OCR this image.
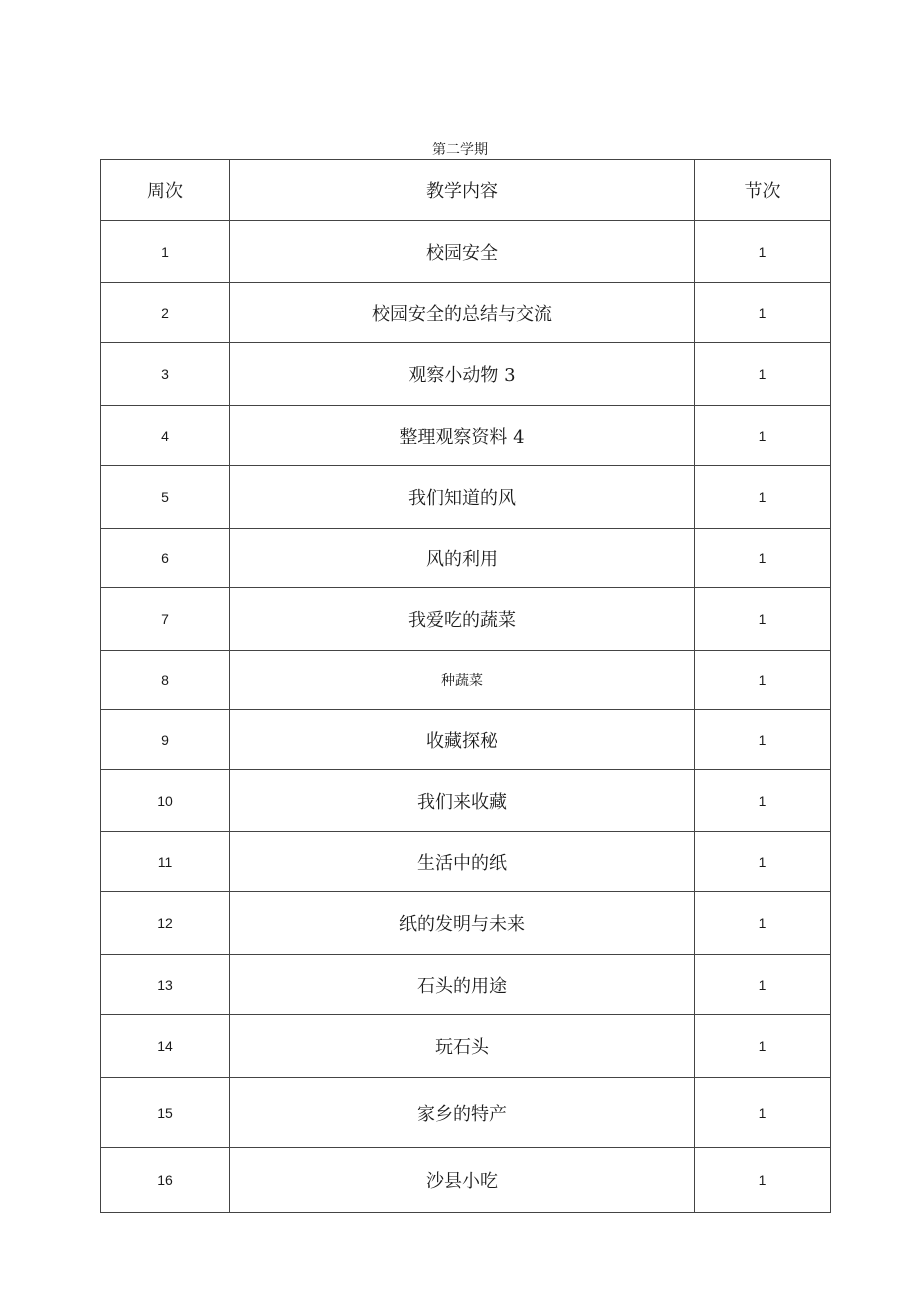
第二学期
周次	教学内容	节次
1	校园安全	1
2	校园安全的总结与交流	1
3	观察小动物 3	1
4	整理观察资料 4	1
5	我们知道的风	1
6	风的利用	1
7	我爱吃的蔬菜	1
8	种蔬菜	1
9	收藏探秘	1
10	我们来收藏	1
11	生活中的纸	1
12	纸的发明与未来	1
13	石头的用途	1
14	玩石头	1
15	家乡的特产	1
16	沙县小吃	1
